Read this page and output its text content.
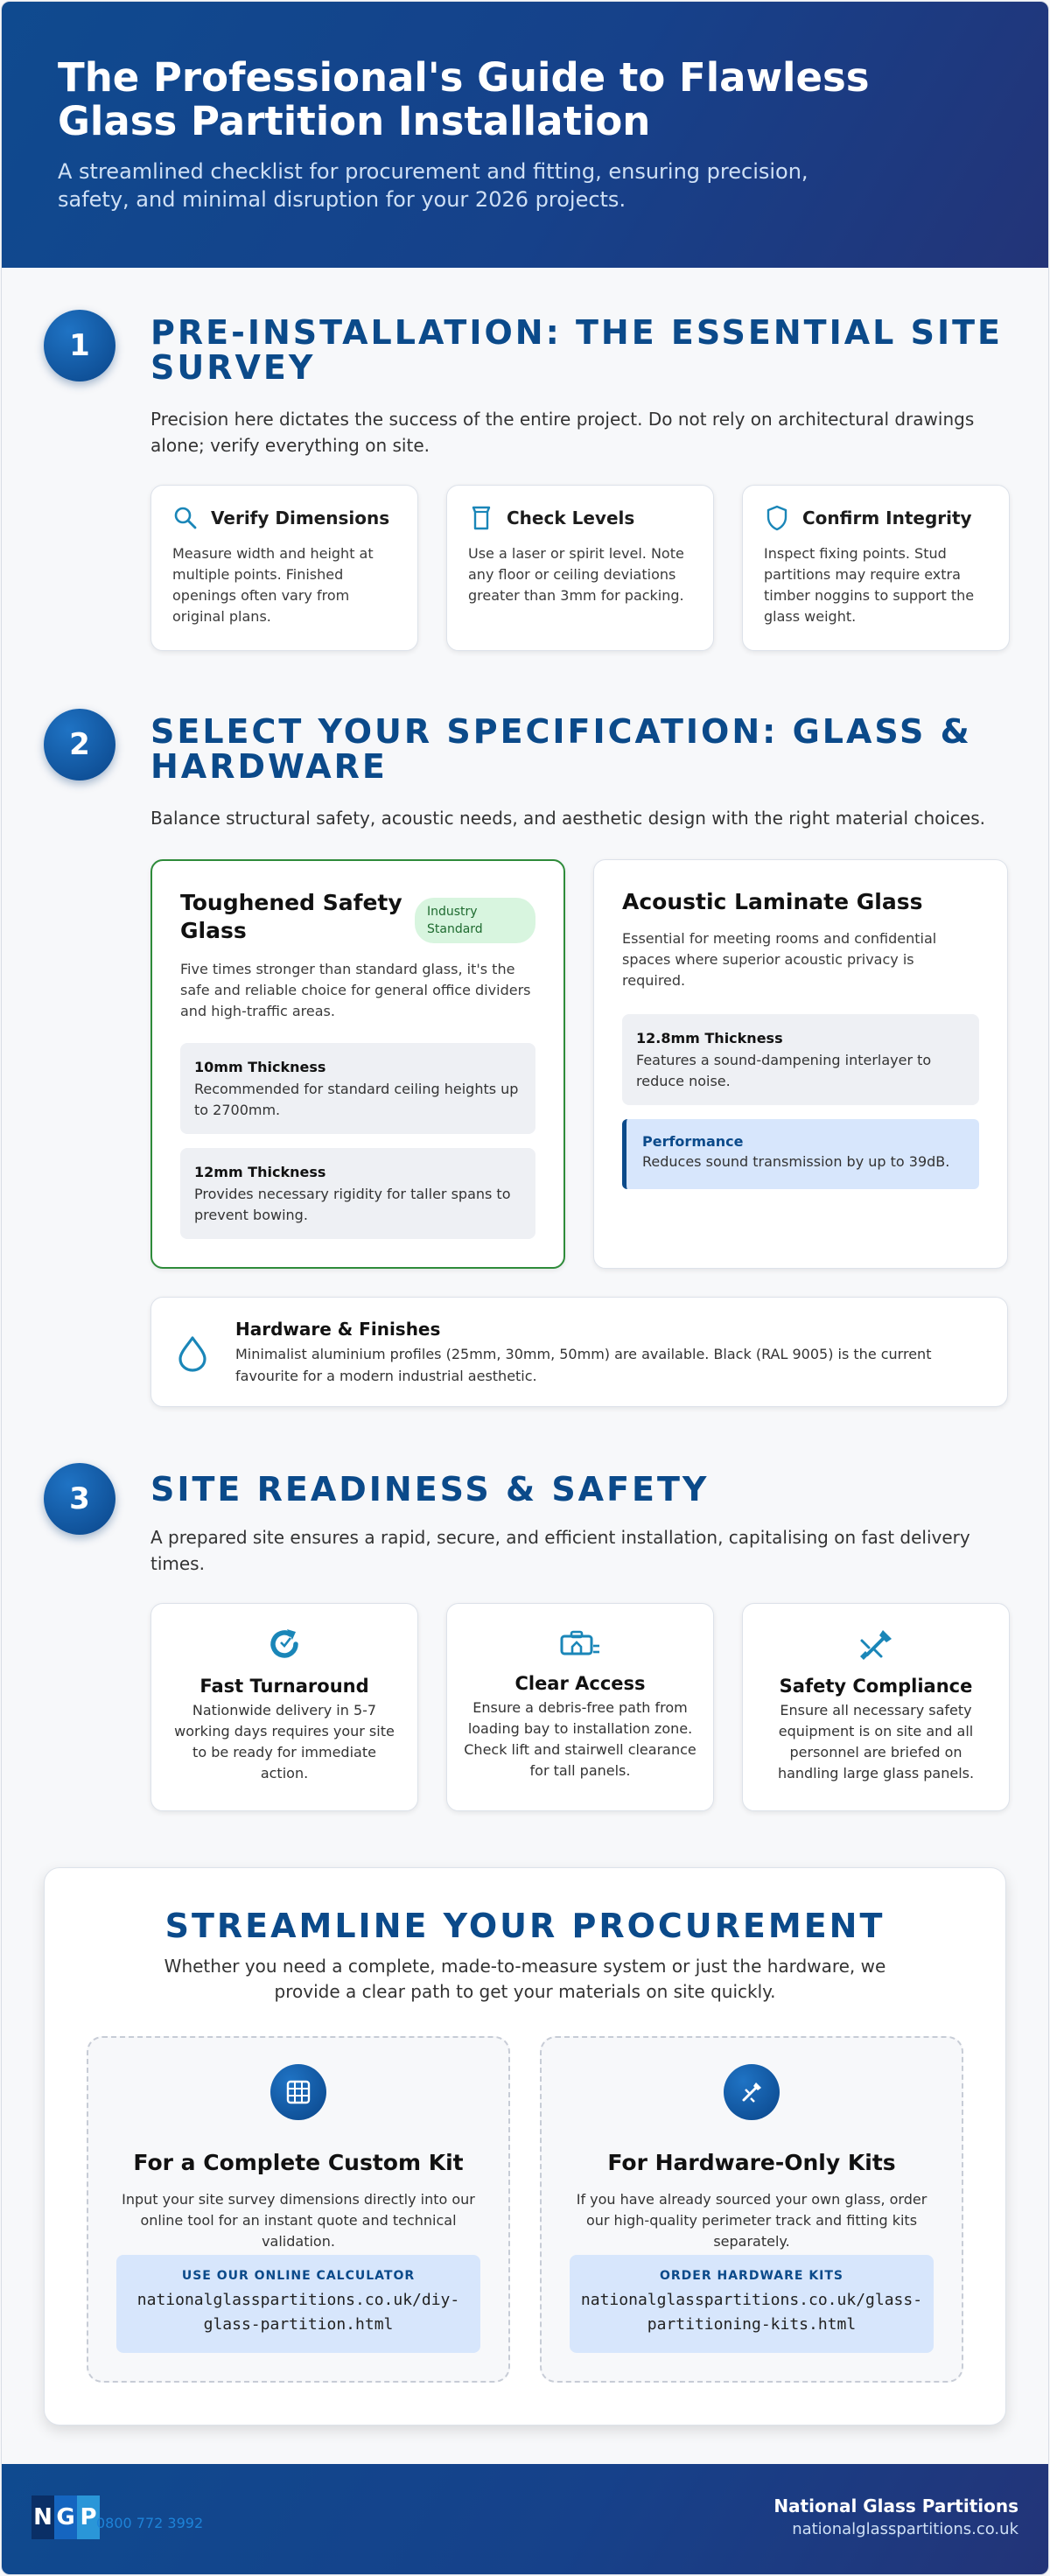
The Professional's Guide to Flawless Glass Partition Installation

A streamlined checklist for procurement and fitting, ensuring precision, safety, and minimal disruption for your 2026 projects.

1	PRE-INSTALLATION: THE ESSENTIAL SITE SURVEY
Precision here dictates the success of the entire project. Do not rely on architectural drawings alone; verify everything on site.
Verify Dimensions
Measure width and height at multiple points. Finished openings often vary from original plans.
Check Levels
Use a laser or spirit level. Note any floor or ceiling deviations greater than 3mm for packing.
Confirm Integrity
Inspect fixing points. Stud partitions may require extra timber noggins to support the glass weight.
2	SELECT YOUR SPECIFICATION: GLASS & HARDWARE
Balance structural safety, acoustic needs, and aesthetic design with the right material choices.
Toughened Safety Glass
Industry Standard
Five times stronger than standard glass, it's the safe and reliable choice for general office dividers and high-traffic areas.
10mm Thickness
Recommended for standard ceiling heights up to 2700mm.
12mm Thickness
Provides necessary rigidity for taller spans to prevent bowing.
Acoustic Laminate Glass
Essential for meeting rooms and confidential spaces where superior acoustic privacy is required.
12.8mm Thickness
Features a sound-dampening interlayer to reduce noise.
Performance
Reduces sound transmission by up to 39dB.
Hardware & Finishes
Minimalist aluminium profiles (25mm, 30mm, 50mm) are available. Black (RAL 9005) is the current favourite for a modern industrial aesthetic.
3	SITE READINESS & SAFETY
A prepared site ensures a rapid, secure, and efficient installation, capitalising on fast delivery times.
Fast Turnaround
Nationwide delivery in 5-7 working days requires your site to be ready for immediate action.
Clear Access
Ensure a debris-free path from loading bay to installation zone. Check lift and stairwell clearance for tall panels.
Safety Compliance
Ensure all necessary safety equipment is on site and all personnel are briefed on handling large glass panels.
STREAMLINE YOUR PROCUREMENT
Whether you need a complete, made-to-measure system or just the hardware, we provide a clear path to get your materials on site quickly.
For a Complete Custom Kit
Input your site survey dimensions directly into our online tool for an instant quote and technical validation.
USE OUR ONLINE CALCULATOR
nationalglasspartitions.co.uk/diy-glass-partition.html
For Hardware-Only Kits
If you have already sourced your own glass, order our high-quality perimeter track and fitting kits separately.
ORDER HARDWARE KITS
nationalglasspartitions.co.uk/glass-partitioning-kits.html
N G P 0800 772 3992
National Glass Partitions
nationalglasspartitions.co.uk
